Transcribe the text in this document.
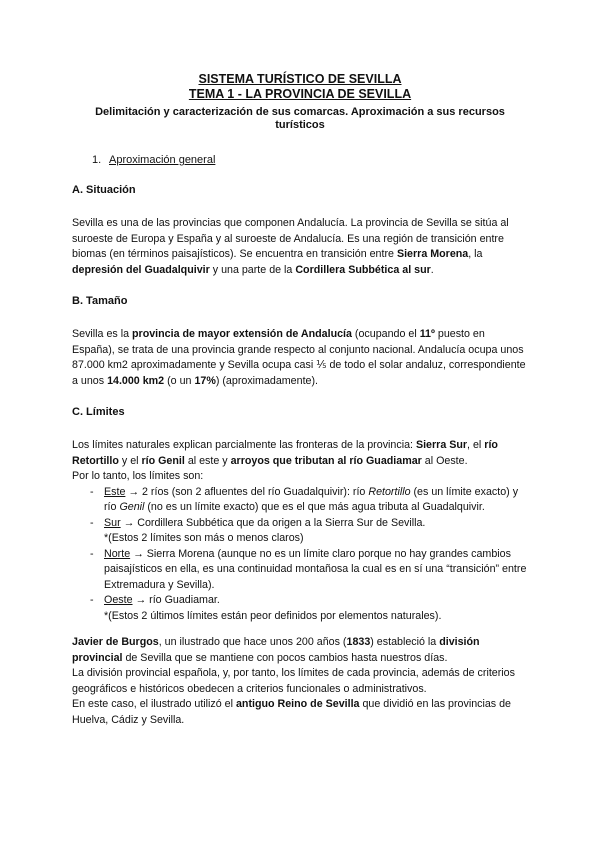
SISTEMA TURÍSTICO DE SEVILLA
TEMA 1 - LA PROVINCIA DE SEVILLA
Delimitación y caracterización de sus comarcas. Aproximación a sus recursos turísticos
1. Aproximación general
A. Situación

Sevilla es una de las provincias que componen Andalucía. La provincia de Sevilla se sitúa al suroeste de Europa y España y al suroeste de Andalucía. Es una región de transición entre biomas (en términos paisajísticos). Se encuentra en transición entre Sierra Morena, la depresión del Guadalquivir y una parte de la Cordillera Subbética al sur.

B. Tamaño

Sevilla es la provincia de mayor extensión de Andalucía (ocupando el 11º puesto en España), se trata de una provincia grande respecto al conjunto nacional. Andalucía ocupa unos 87.000 km2 aproximadamente y Sevilla ocupa casi ⅕ de todo el solar andaluz, correspondiente a unos 14.000 km2 (o un 17%) (aproximadamente).

C. Límites

Los límites naturales explican parcialmente las fronteras de la provincia: Sierra Sur, el río Retortillo y el río Genil al este y arroyos que tributan al río Guadiamar al Oeste.

Por lo tanto, los límites son:

- Este → 2 ríos (son 2 afluentes del río Guadalquivir): río Retortillo (es un límite exacto) y río Genil (no es un límite exacto) que es el que más agua tributa al Guadalquivir.
- Sur → Cordillera Subbética que da origen a la Sierra Sur de Sevilla.
*(Estos 2 límites son más o menos claros)
- Norte → Sierra Morena (aunque no es un límite claro porque no hay grandes cambios paisajísticos en ella, es una continuidad montañosa la cual es en sí una “transición” entre Extremadura y Sevilla).
- Oeste → río Guadiamar.
*(Estos 2 últimos límites están peor definidos por elementos naturales).

Javier de Burgos, un ilustrado que hace unos 200 años (1833) estableció la división provincial de Sevilla que se mantiene con pocos cambios hasta nuestros días.

La división provincial española, y, por tanto, los límites de cada provincia, además de criterios geográficos e históricos obedecen a criterios funcionales o administrativos.

En este caso, el ilustrado utilizó el antiguo Reino de Sevilla que dividió en las provincias de Huelva, Cádiz y Sevilla.
